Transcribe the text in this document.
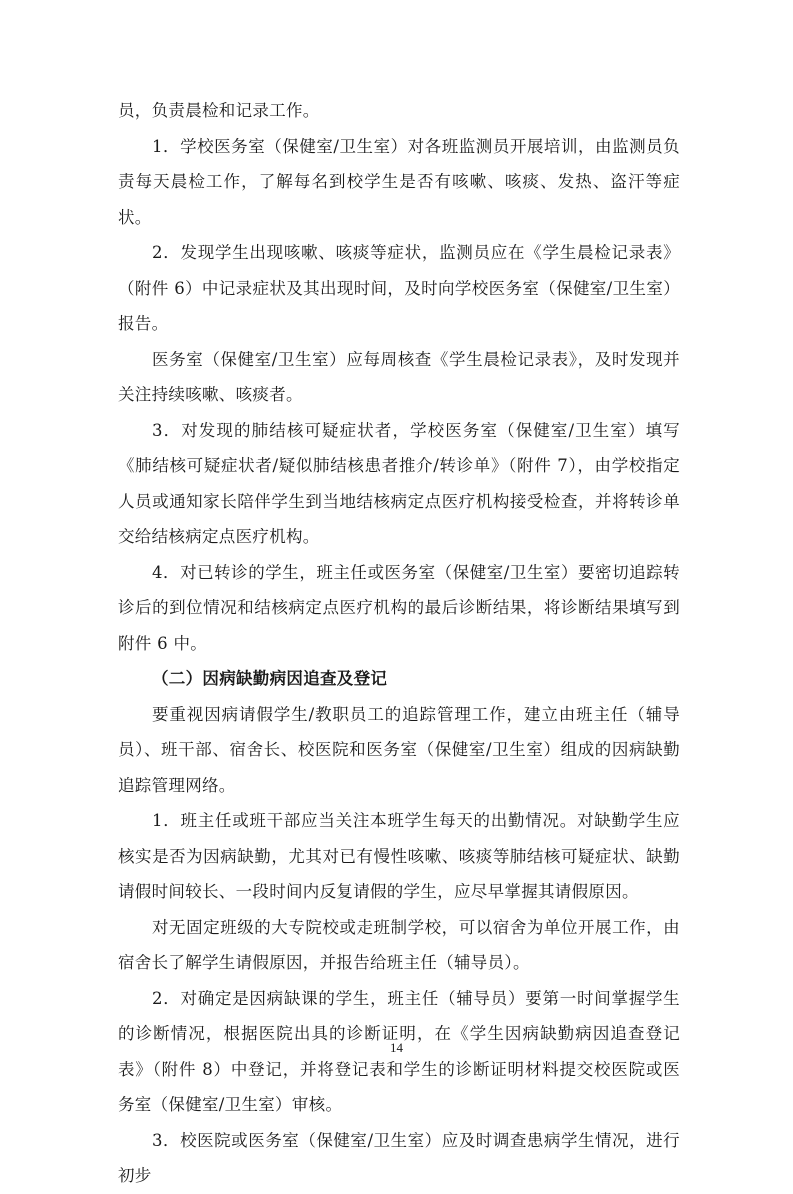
员，负责晨检和记录工作。

1．学校医务室（保健室/卫生室）对各班监测员开展培训，由监测员负责每天晨检工作，了解每名到校学生是否有咳嗽、咳痰、发热、盗汗等症状。

2．发现学生出现咳嗽、咳痰等症状，监测员应在《学生晨检记录表》（附件 6）中记录症状及其出现时间，及时向学校医务室（保健室/卫生室）报告。

医务室（保健室/卫生室）应每周核查《学生晨检记录表》，及时发现并关注持续咳嗽、咳痰者。

3．对发现的肺结核可疑症状者，学校医务室（保健室/卫生室）填写《肺结核可疑症状者/疑似肺结核患者推介/转诊单》（附件 7），由学校指定人员或通知家长陪伴学生到当地结核病定点医疗机构接受检查，并将转诊单交给结核病定点医疗机构。

4．对已转诊的学生，班主任或医务室（保健室/卫生室）要密切追踪转诊后的到位情况和结核病定点医疗机构的最后诊断结果，将诊断结果填写到附件 6 中。

（二）因病缺勤病因追查及登记

要重视因病请假学生/教职员工的追踪管理工作，建立由班主任（辅导员）、班干部、宿舍长、校医院和医务室（保健室/卫生室）组成的因病缺勤追踪管理网络。

1．班主任或班干部应当关注本班学生每天的出勤情况。对缺勤学生应核实是否为因病缺勤，尤其对已有慢性咳嗽、咳痰等肺结核可疑症状、缺勤请假时间较长、一段时间内反复请假的学生，应尽早掌握其请假原因。

对无固定班级的大专院校或走班制学校，可以宿舍为单位开展工作，由宿舍长了解学生请假原因，并报告给班主任（辅导员）。

2．对确定是因病缺课的学生，班主任（辅导员）要第一时间掌握学生的诊断情况，根据医院出具的诊断证明，在《学生因病缺勤病因追查登记表》（附件 8）中登记，并将登记表和学生的诊断证明材料提交校医院或医务室（保健室/卫生室）审核。

3．校医院或医务室（保健室/卫生室）应及时调查患病学生情况，进行初步

14
